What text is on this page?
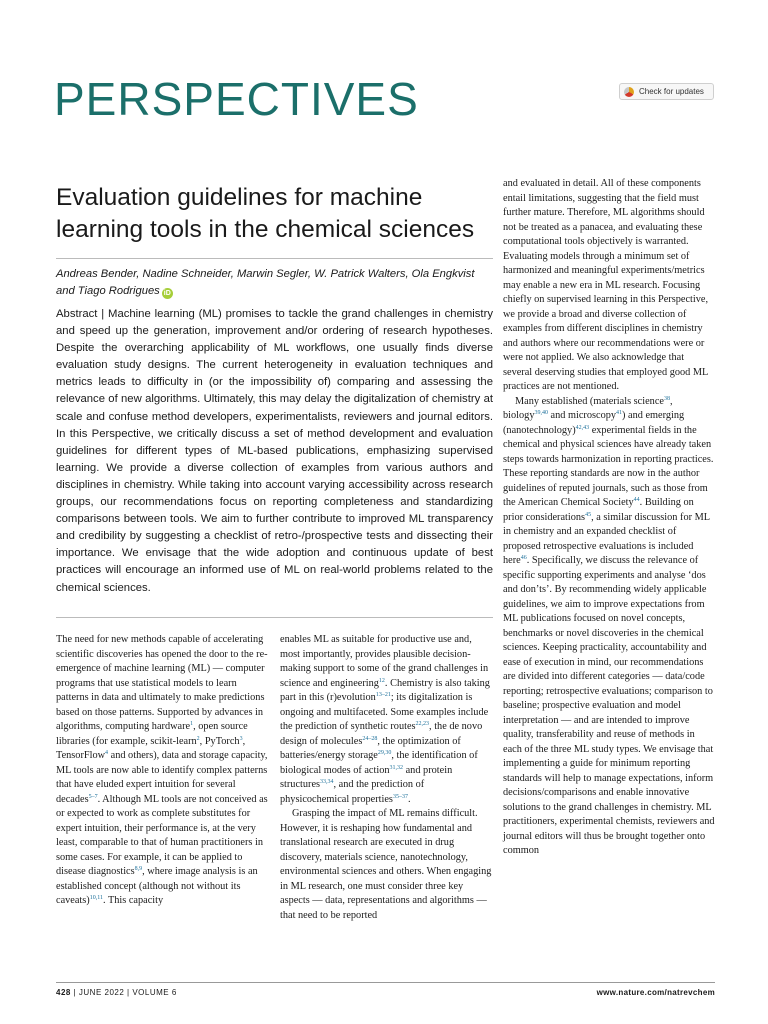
PERSPECTIVES	Check for updates
Evaluation guidelines for machine learning tools in the chemical sciences
Andreas Bender, Nadine Schneider, Marwin Segler, W. Patrick Walters, Ola Engkvist and Tiago Rodrigues iD
Abstract | Machine learning (ML) promises to tackle the grand challenges in chemistry and speed up the generation, improvement and/or ordering of research hypotheses. Despite the overarching applicability of ML workflows, one usually finds diverse evaluation study designs. The current heterogeneity in evaluation techniques and metrics leads to difficulty in (or the impossibility of) comparing and assessing the relevance of new algorithms. Ultimately, this may delay the digitalization of chemistry at scale and confuse method developers, experimentalists, reviewers and journal editors. In this Perspective, we critically discuss a set of method development and evaluation guidelines for different types of ML-based publications, emphasizing supervised learning. We provide a diverse collection of examples from various authors and disciplines in chemistry. While taking into account varying accessibility across research groups, our recommendations focus on reporting completeness and standardizing comparisons between tools. We aim to further contribute to improved ML transparency and credibility by suggesting a checklist of retro-/prospective tests and dissecting their importance. We envisage that the wide adoption and continuous update of best practices will encourage an informed use of ML on real-world problems related to the chemical sciences.

The need for new methods capable of accelerating scientific discoveries has opened the door to the re-emergence of machine learning (ML) — computer programs that use statistical models to learn patterns in data and ultimately to make predictions based on those patterns. Supported by advances in algorithms, computing hardware$^1$, open source libraries (for example, scikit-learn$^2$, PyTorch$^3$, TensorFlow$^4$ and others), data and storage capacity, ML tools are now able to identify complex patterns that have eluded expert intuition for several decades$^{5-7}$. Although ML tools are not conceived as or expected to work as complete substitutes for expert intuition, their performance is, at the very least, comparable to that of human practitioners in some cases. For example, it can be applied to disease diagnostics$^{8,9}$, where image analysis is an established concept (although not without its caveats)$^{10,11}$. This capacity

enables ML as suitable for productive use and, most importantly, provides plausible decision-making support to some of the grand challenges in science and engineering$^{12}$. Chemistry is also taking part in this (r)evolution$^{13-21}$; its digitalization is ongoing and multifaceted. Some examples include the prediction of synthetic routes$^{22,23}$, the de novo design of molecules$^{24-28}$, the optimization of batteries/energy storage$^{29,30}$, the identification of biological modes of action$^{31,32}$ and protein structures$^{33,34}$, and the prediction of physicochemical properties$^{35-37}$.

Grasping the impact of ML remains difficult. However, it is reshaping how fundamental and translational research are executed in drug discovery, materials science, nanotechnology, environmental sciences and others. When engaging in ML research, one must consider three key aspects — data, representations and algorithms — that need to be reported

and evaluated in detail. All of these components entail limitations, suggesting that the field must further mature. Therefore, ML algorithms should not be treated as a panacea, and evaluating these computational tools objectively is warranted. Evaluating models through a minimum set of harmonized and meaningful experiments/metrics may enable a new era in ML research. Focusing chiefly on supervised learning in this Perspective, we provide a broad and diverse collection of examples from different disciplines in chemistry and authors where our recommendations were or were not applied. We also acknowledge that several deserving studies that employed good ML practices are not mentioned.

Many established (materials science$^{38}$, biology$^{39,40}$ and microscopy$^{41}$) and emerging (nanotechnology)$^{42,43}$ experimental fields in the chemical and physical sciences have already taken steps towards harmonization in reporting practices. These reporting standards are now in the author guidelines of reputed journals, such as those from the American Chemical Society$^{44}$. Building on prior considerations$^{45}$, a similar discussion for ML in chemistry and an expanded checklist of proposed retrospective evaluations is included here$^{46}$. Specifically, we discuss the relevance of specific supporting experiments and analyse ‘dos and don’ts’. By recommending widely applicable guidelines, we aim to improve expectations from ML publications focused on novel concepts, benchmarks or novel discoveries in the chemical sciences. Keeping practicality, accountability and ease of execution in mind, our recommendations are divided into different categories — data/code reporting; retrospective evaluations; comparison to baseline; prospective evaluation and model interpretation — and are intended to improve quality, transferability and reuse of methods in each of the three ML study types. We envisage that implementing a guide for minimum reporting standards will help to manage expectations, inform decisions/comparisons and enable innovative solutions to the grand challenges in chemistry. ML practitioners, experimental chemists, reviewers and journal editors will thus be brought together onto common

428 | JUNE 2022 | VOLUME 6	www.nature.com/natrevchem
